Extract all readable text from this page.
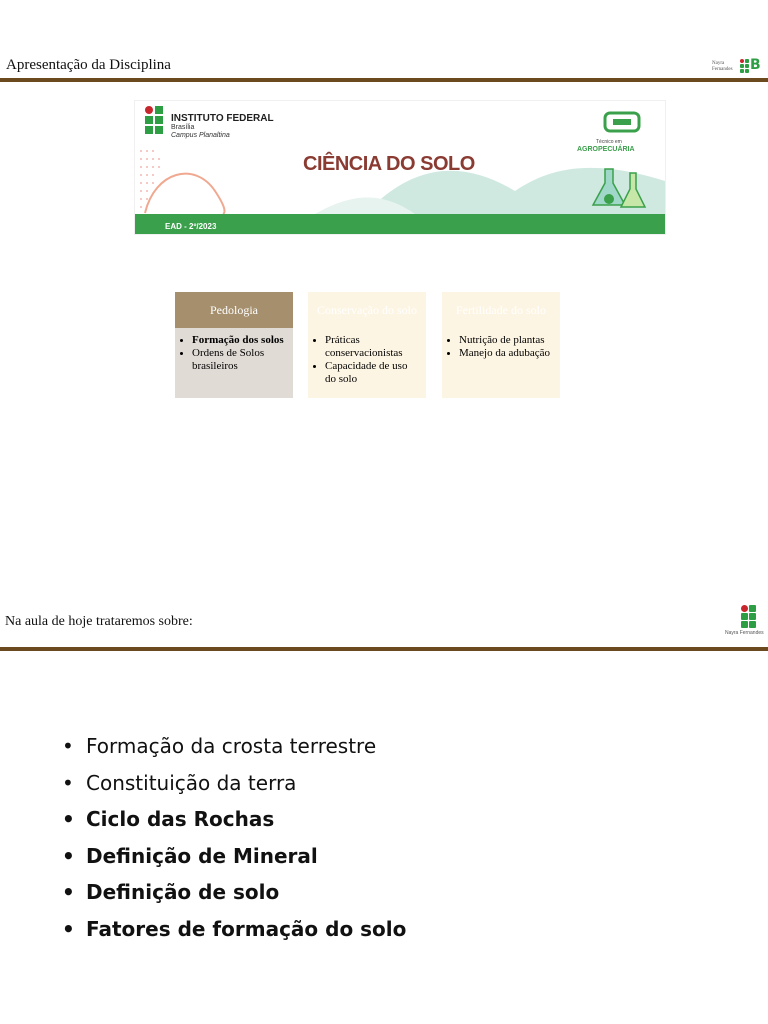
Apresentação da Disciplina	Nayra Fernandes	B
INSTITUTO FEDERAL
Brasília
Campus Planaltina
CIÊNCIA DO SOLO
Técnico em
AGROPECUÁRIA
EAD - 2º/2023
Pedologia
• Formação dos solos
• Ordens de Solos brasileiros
Conservação do solo
• Práticas conservacionistas
• Capacidade de uso do solo
Fertilidade do solo
• Nutrição de plantas
• Manejo da adubação
Na aula de hoje trataremos sobre:
Nayra Fernandes
• Formação da crosta terrestre
• Constituição da terra
• Ciclo das Rochas
• Definição de Mineral
• Definição de solo
• Fatores de formação do solo
